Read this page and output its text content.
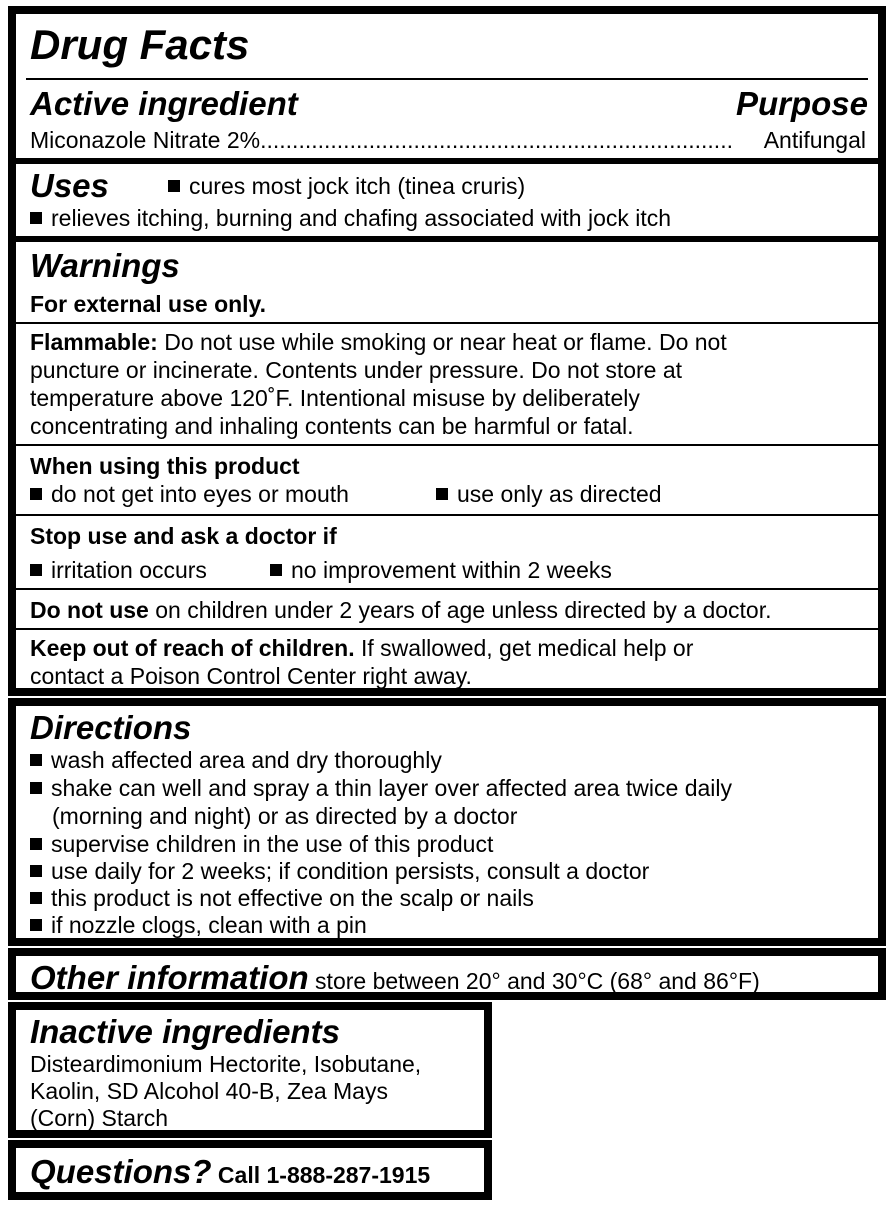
Drug Facts
Active ingredient	Purpose
Miconazole Nitrate 2%..........................................................................	Antifungal
Uses	cures most jock itch (tinea cruris)
relieves itching, burning and chafing associated with jock itch
Warnings
For external use only.
Flammable: Do not use while smoking or near heat or flame. Do not
puncture or incinerate. Contents under pressure. Do not store at
temperature above 120˚F. Intentional misuse by deliberately
concentrating and inhaling contents can be harmful or fatal.
When using this product
do not get into eyes or mouth	use only as directed
Stop use and ask a doctor if
irritation occurs	no improvement within 2 weeks
Do not use on children under 2 years of age unless directed by a doctor.
Keep out of reach of children. If swallowed, get medical help or
contact a Poison Control Center right away.
Directions
wash affected area and dry thoroughly
shake can well and spray a thin layer over affected area twice daily
(morning and night) or as directed by a doctor
supervise children in the use of this product
use daily for 2 weeks; if condition persists, consult a doctor
this product is not effective on the scalp or nails
if nozzle clogs, clean with a pin
Other information store between 20° and 30°C (68° and 86°F)
Inactive ingredients
Disteardimonium Hectorite, Isobutane,
Kaolin, SD Alcohol 40-B, Zea Mays
(Corn) Starch
Questions? Call 1-888-287-1915
